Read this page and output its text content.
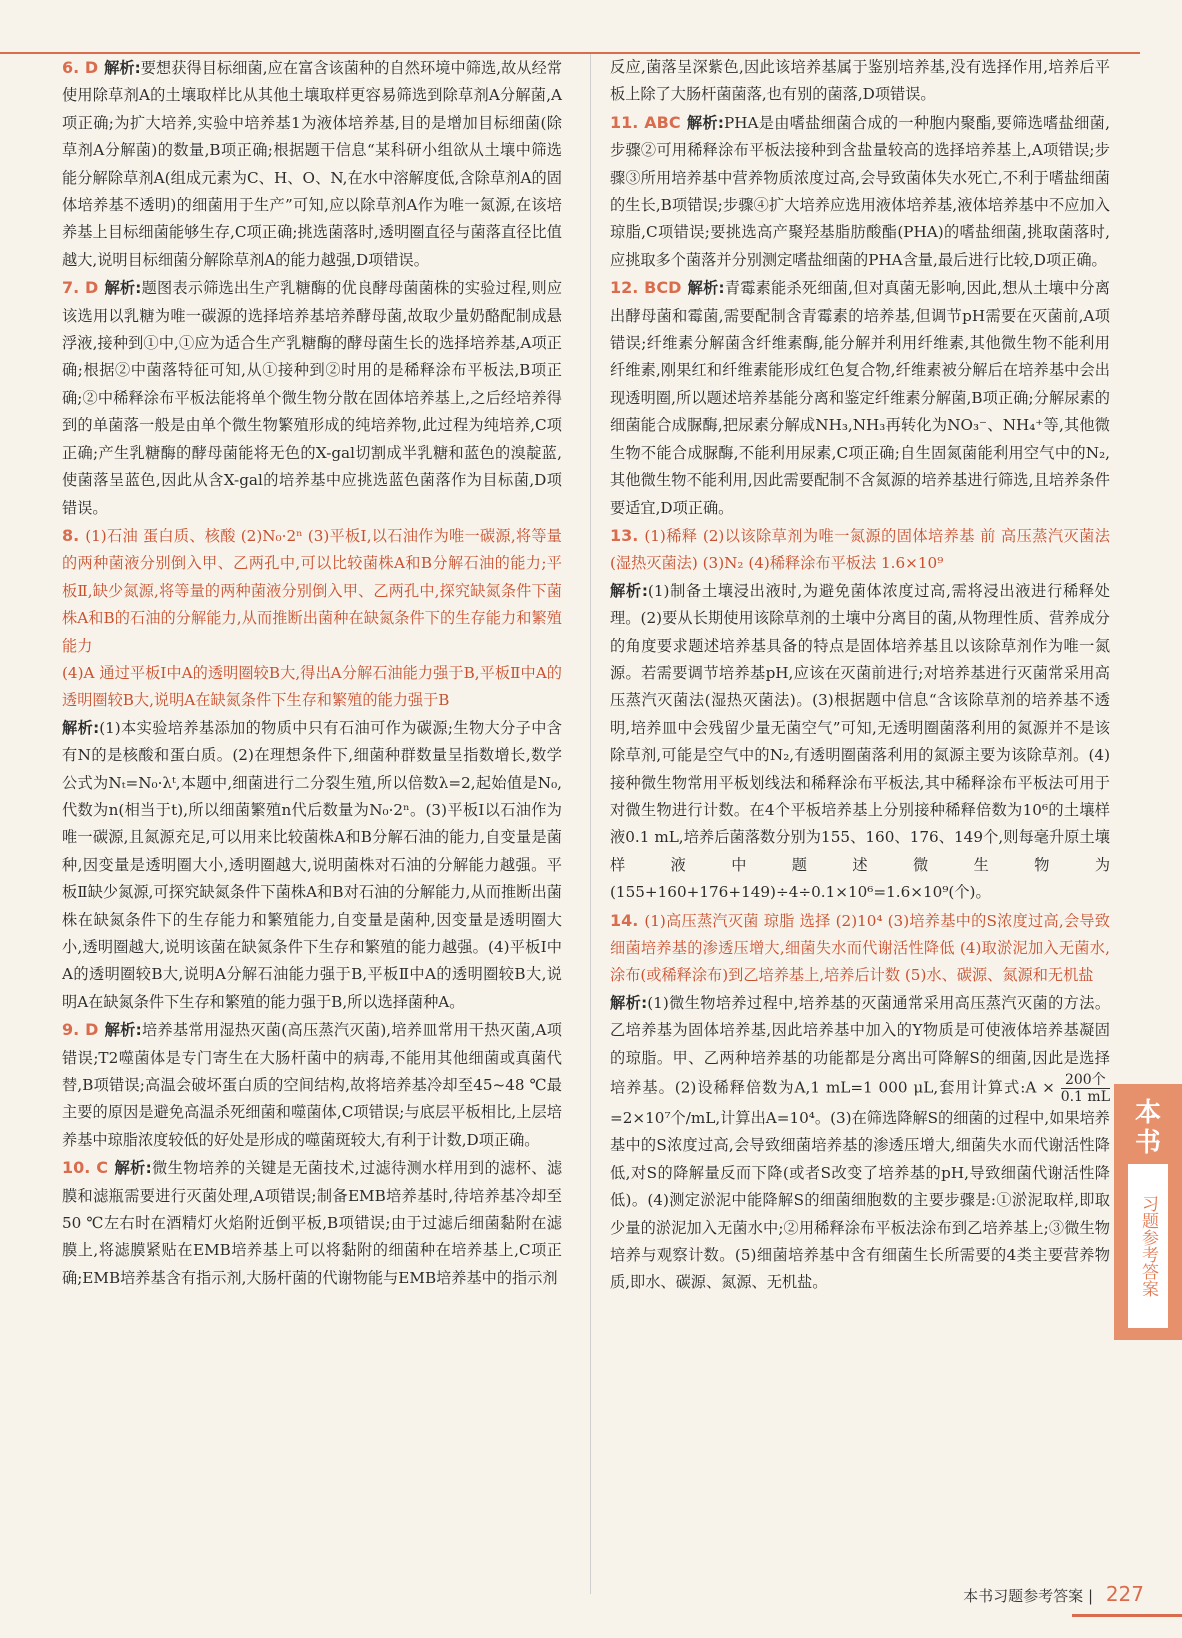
6. D 解析:要想获得目标细菌,应在富含该菌种的自然环境中筛选,故从经常使用除草剂A的土壤取样比从其他土壤取样更容易筛选到除草剂A分解菌,A项正确;为扩大培养,实验中培养基1为液体培养基,目的是增加目标细菌(除草剂A分解菌)的数量,B项正确;根据题干信息“某科研小组欲从土壤中筛选能分解除草剂A(组成元素为C、H、O、N,在水中溶解度低,含除草剂A的固体培养基不透明)的细菌用于生产”可知,应以除草剂A作为唯一氮源,在该培养基上目标细菌能够生存,C项正确;挑选菌落时,透明圈直径与菌落直径比值越大,说明目标细菌分解除草剂A的能力越强,D项错误。

7. D 解析:题图表示筛选出生产乳糖酶的优良酵母菌菌株的实验过程,则应该选用以乳糖为唯一碳源的选择培养基培养酵母菌,故取少量奶酪配制成悬浮液,接种到①中,①应为适合生产乳糖酶的酵母菌生长的选择培养基,A项正确;根据②中菌落特征可知,从①接种到②时用的是稀释涂布平板法,B项正确;②中稀释涂布平板法能将单个微生物分散在固体培养基上,之后经培养得到的单菌落一般是由单个微生物繁殖形成的纯培养物,此过程为纯培养,C项正确;产生乳糖酶的酵母菌能将无色的X-gal切割成半乳糖和蓝色的溴靛蓝,使菌落呈蓝色,因此从含X-gal的培养基中应挑选蓝色菌落作为目标菌,D项错误。

8. (1)石油 蛋白质、核酸 (2)N₀·2ⁿ (3)平板Ⅰ,以石油作为唯一碳源,将等量的两种菌液分别倒入甲、乙两孔中,可以比较菌株A和B分解石油的能力;平板Ⅱ,缺少氮源,将等量的两种菌液分别倒入甲、乙两孔中,探究缺氮条件下菌株A和B的石油的分解能力,从而推断出菌种在缺氮条件下的生存能力和繁殖能力

(4)A 通过平板Ⅰ中A的透明圈较B大,得出A分解石油能力强于B,平板Ⅱ中A的透明圈较B大,说明A在缺氮条件下生存和繁殖的能力强于B

解析:(1)本实验培养基添加的物质中只有石油可作为碳源;生物大分子中含有N的是核酸和蛋白质。(2)在理想条件下,细菌种群数量呈指数增长,数学公式为Nₜ=N₀·λᵗ,本题中,细菌进行二分裂生殖,所以倍数λ=2,起始值是N₀,代数为n(相当于t),所以细菌繁殖n代后数量为N₀·2ⁿ。(3)平板Ⅰ以石油作为唯一碳源,且氮源充足,可以用来比较菌株A和B分解石油的能力,自变量是菌种,因变量是透明圈大小,透明圈越大,说明菌株对石油的分解能力越强。平板Ⅱ缺少氮源,可探究缺氮条件下菌株A和B对石油的分解能力,从而推断出菌株在缺氮条件下的生存能力和繁殖能力,自变量是菌种,因变量是透明圈大小,透明圈越大,说明该菌在缺氮条件下生存和繁殖的能力越强。(4)平板Ⅰ中A的透明圈较B大,说明A分解石油能力强于B,平板Ⅱ中A的透明圈较B大,说明A在缺氮条件下生存和繁殖的能力强于B,所以选择菌种A。

9. D 解析:培养基常用湿热灭菌(高压蒸汽灭菌),培养皿常用干热灭菌,A项错误;T2噬菌体是专门寄生在大肠杆菌中的病毒,不能用其他细菌或真菌代替,B项错误;高温会破坏蛋白质的空间结构,故将培养基冷却至45~48 ℃最主要的原因是避免高温杀死细菌和噬菌体,C项错误;与底层平板相比,上层培养基中琼脂浓度较低的好处是形成的噬菌斑较大,有利于计数,D项正确。

10. C 解析:微生物培养的关键是无菌技术,过滤待测水样用到的滤杯、滤膜和滤瓶需要进行灭菌处理,A项错误;制备EMB培养基时,待培养基冷却至50 ℃左右时在酒精灯火焰附近倒平板,B项错误;由于过滤后细菌黏附在滤膜上,将滤膜紧贴在EMB培养基上可以将黏附的细菌种在培养基上,C项正确;EMB培养基含有指示剂,大肠杆菌的代谢物能与EMB培养基中的指示剂

反应,菌落呈深紫色,因此该培养基属于鉴别培养基,没有选择作用,培养后平板上除了大肠杆菌菌落,也有别的菌落,D项错误。

11. ABC 解析:PHA是由嗜盐细菌合成的一种胞内聚酯,要筛选嗜盐细菌,步骤②可用稀释涂布平板法接种到含盐量较高的选择培养基上,A项错误;步骤③所用培养基中营养物质浓度过高,会导致菌体失水死亡,不利于嗜盐细菌的生长,B项错误;步骤④扩大培养应选用液体培养基,液体培养基中不应加入琼脂,C项错误;要挑选高产聚羟基脂肪酸酯(PHA)的嗜盐细菌,挑取菌落时,应挑取多个菌落并分别测定嗜盐细菌的PHA含量,最后进行比较,D项正确。

12. BCD 解析:青霉素能杀死细菌,但对真菌无影响,因此,想从土壤中分离出酵母菌和霉菌,需要配制含青霉素的培养基,但调节pH需要在灭菌前,A项错误;纤维素分解菌含纤维素酶,能分解并利用纤维素,其他微生物不能利用纤维素,刚果红和纤维素能形成红色复合物,纤维素被分解后在培养基中会出现透明圈,所以题述培养基能分离和鉴定纤维素分解菌,B项正确;分解尿素的细菌能合成脲酶,把尿素分解成NH₃,NH₃再转化为NO₃⁻、NH₄⁺等,其他微生物不能合成脲酶,不能利用尿素,C项正确;自生固氮菌能利用空气中的N₂,其他微生物不能利用,因此需要配制不含氮源的培养基进行筛选,且培养条件要适宜,D项正确。

13. (1)稀释 (2)以该除草剂为唯一氮源的固体培养基 前 高压蒸汽灭菌法(湿热灭菌法) (3)N₂ (4)稀释涂布平板法 1.6×10⁹

解析:(1)制备土壤浸出液时,为避免菌体浓度过高,需将浸出液进行稀释处理。(2)要从长期使用该除草剂的土壤中分离目的菌,从物理性质、营养成分的角度要求题述培养基具备的特点是固体培养基且以该除草剂作为唯一氮源。若需要调节培养基pH,应该在灭菌前进行;对培养基进行灭菌常采用高压蒸汽灭菌法(湿热灭菌法)。(3)根据题中信息“含该除草剂的培养基不透明,培养皿中会残留少量无菌空气”可知,无透明圈菌落利用的氮源并不是该除草剂,可能是空气中的N₂,有透明圈菌落利用的氮源主要为该除草剂。(4)接种微生物常用平板划线法和稀释涂布平板法,其中稀释涂布平板法可用于对微生物进行计数。在4个平板培养基上分别接种稀释倍数为10⁶的土壤样液0.1 mL,培养后菌落数分别为155、160、176、149个,则每毫升原土壤样液中题述微生物为(155+160+176+149)÷4÷0.1×10⁶=1.6×10⁹(个)。

14. (1)高压蒸汽灭菌 琼脂 选择 (2)10⁴ (3)培养基中的S浓度过高,会导致细菌培养基的渗透压增大,细菌失水而代谢活性降低 (4)取淤泥加入无菌水,涂布(或稀释涂布)到乙培养基上,培养后计数 (5)水、碳源、氮源和无机盐

解析:(1)微生物培养过程中,培养基的灭菌通常采用高压蒸汽灭菌的方法。乙培养基为固体培养基,因此培养基中加入的Y物质是可使液体培养基凝固的琼脂。甲、乙两种培养基的功能都是分离出可降解S的细菌,因此是选择培养基。(2)设稀释倍数为A,1 mL=1 000 μL,套用计算式:A × $\frac{\text{200个}}{0.1 mL}$
=2×10⁷个/mL,计算出A=10⁴。(3)在筛选降解S的细菌的过程中,如果培养基中的S浓度过高,会导致细菌培养基的渗透压增大,细菌失水而代谢活性降低,对S的降解量反而下降(或者S改变了培养基的pH,导致细菌代谢活性降低)。(4)测定淤泥中能降解S的细菌细胞数的主要步骤是:①淤泥取样,即取少量的淤泥加入无菌水中;②用稀释涂布平板法涂布到乙培养基上;③微生物培养与观察计数。(5)细菌培养基中含有细菌生长所需要的4类主要营养物质,即水、碳源、氮源、无机盐。

本书
习题参考答案
本书习题参考答案 | 227
